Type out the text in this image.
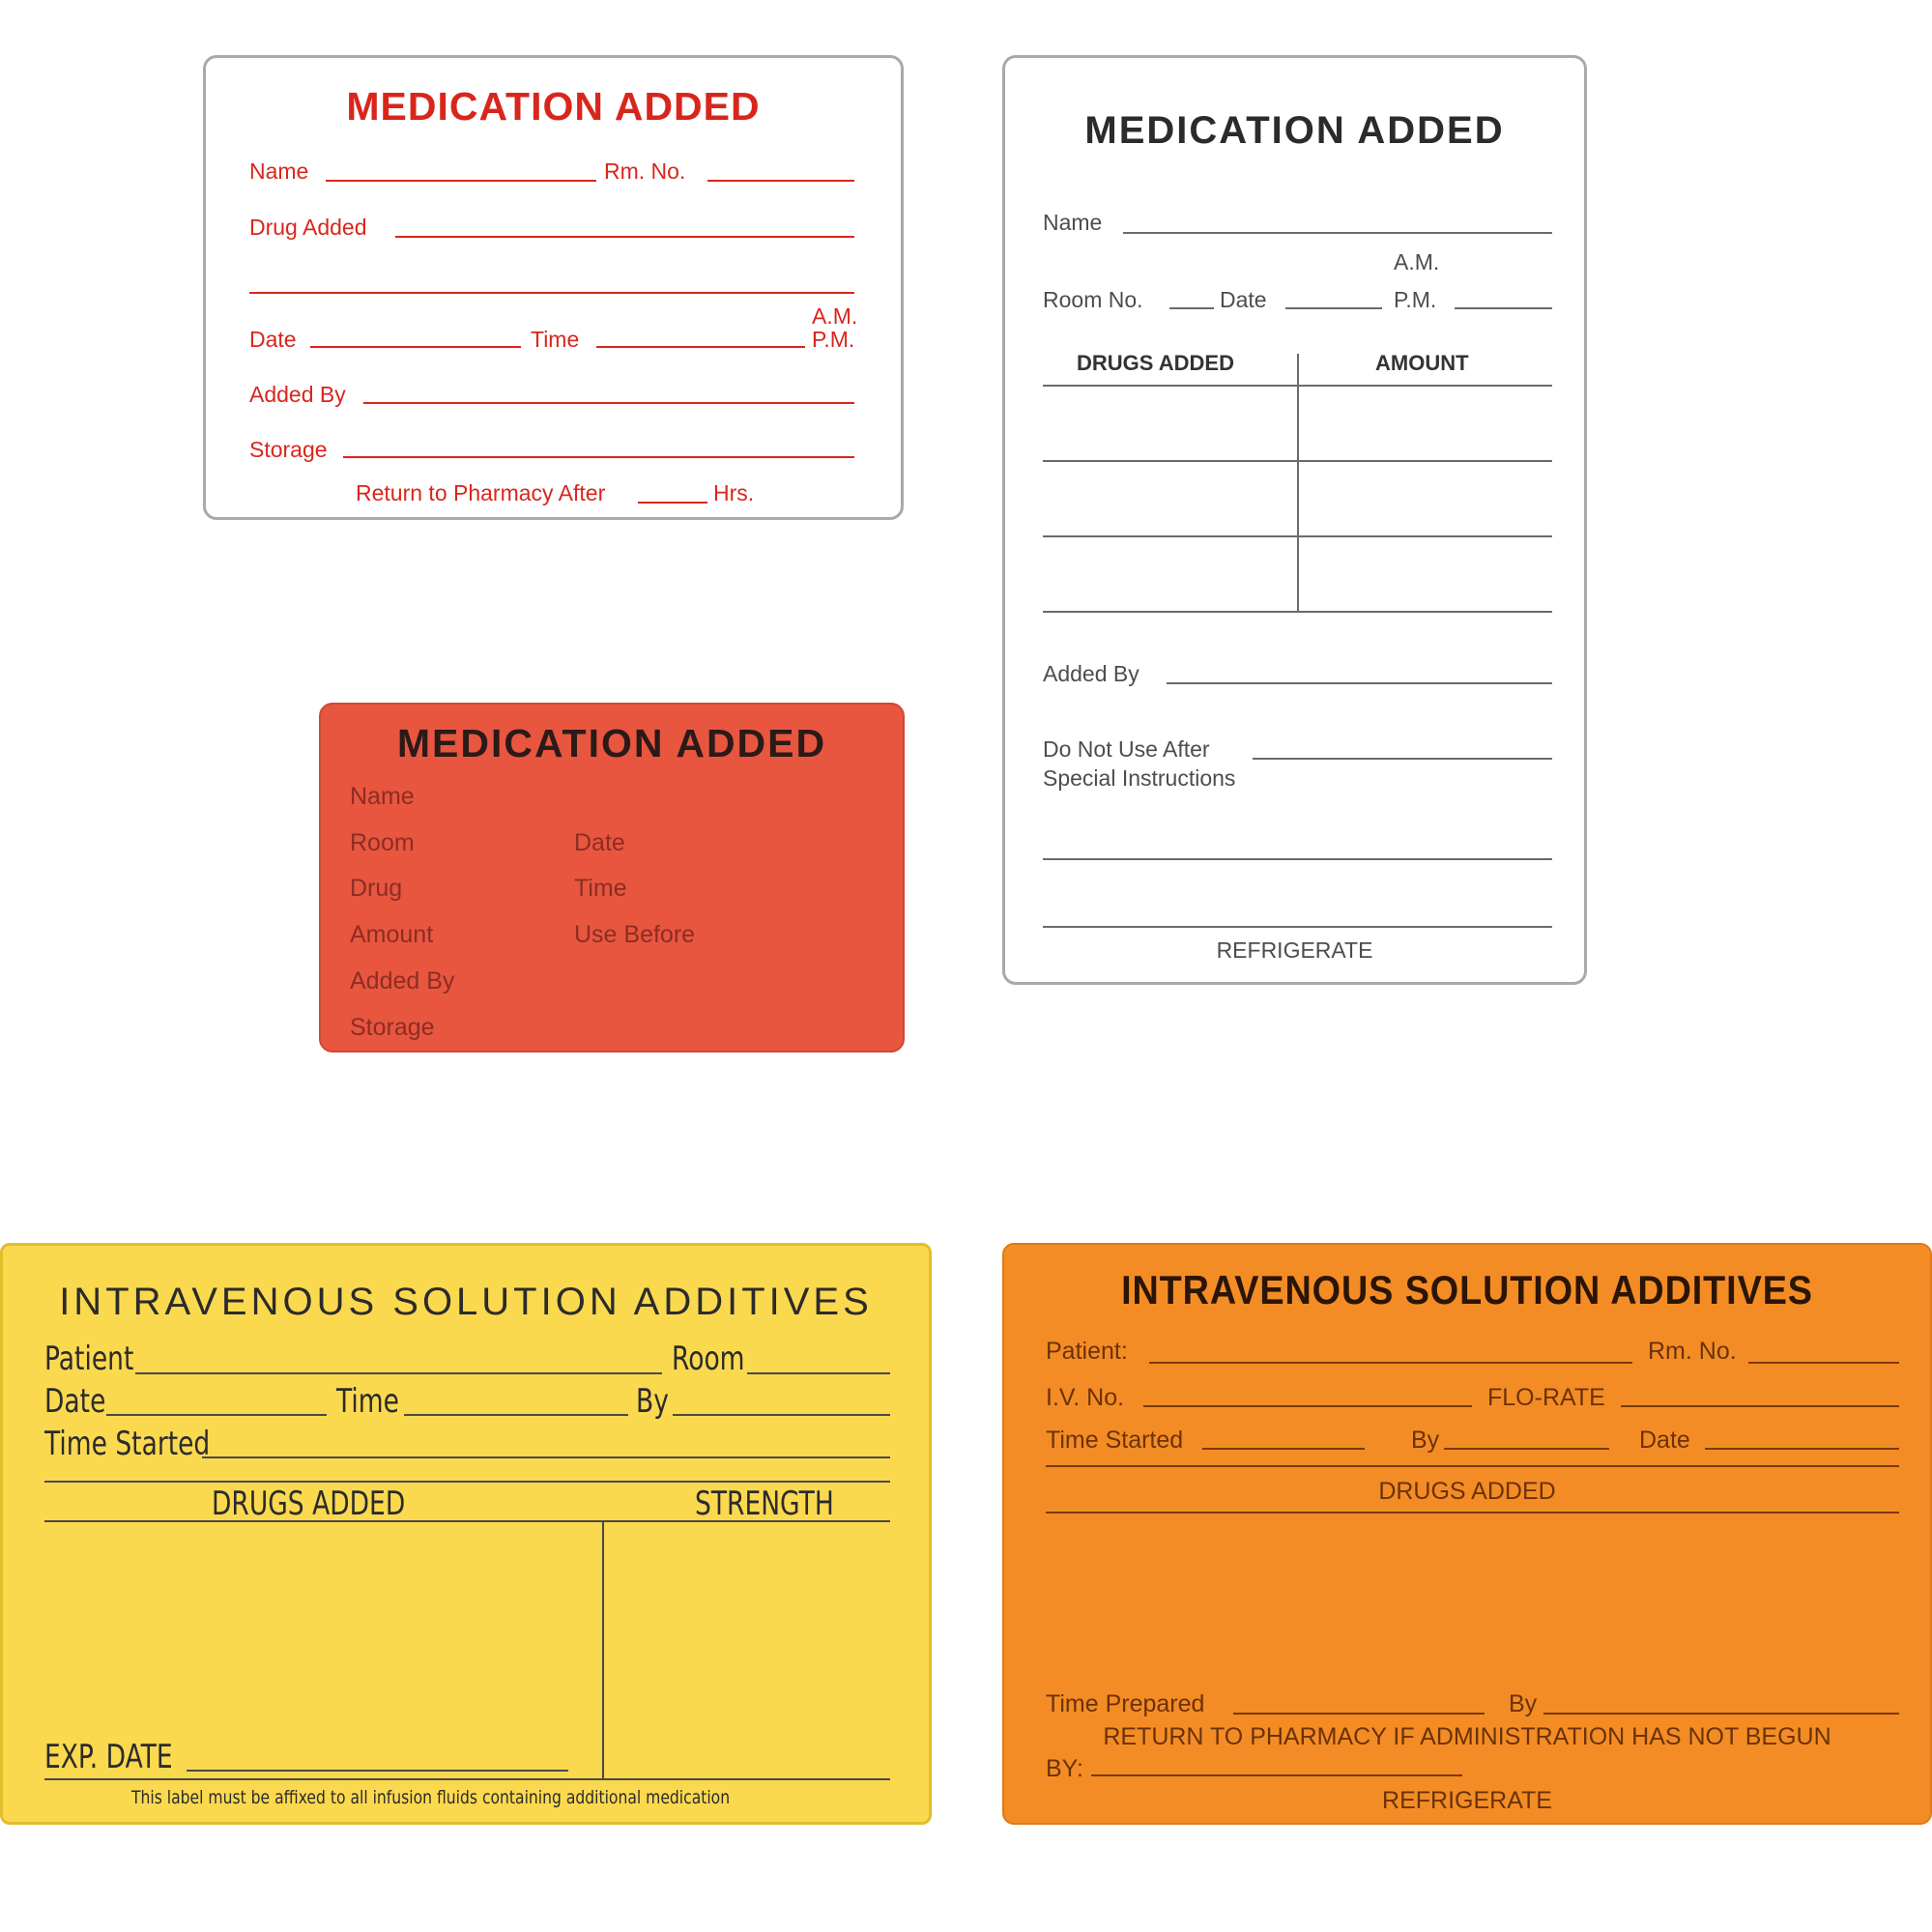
MEDICATION ADDED
Name	Rm. No.
Drug Added
Date	Time
A.M.
P.M.
Added By
Storage
Return to Pharmacy After	Hrs.
MEDICATION ADDED
Name
A.M.
Room No.	Date	P.M.
DRUGS ADDED	AMOUNT
Added By
Do Not Use After
Special Instructions
REFRIGERATE
MEDICATION ADDED
Name
Room	Date
Drug	Time
Amount	Use Before
Added By
Storage
INTRAVENOUS SOLUTION ADDITIVES
Patient	Room
Date	Time	By
Time Started
DRUGS ADDED	STRENGTH
EXP. DATE
This label must be affixed to all infusion fluids containing additional medication
INTRAVENOUS SOLUTION ADDITIVES
Patient:	Rm. No.
I.V. No.	FLO-RATE
Time Started	By	Date
DRUGS ADDED
Time Prepared	By
RETURN TO PHARMACY IF ADMINISTRATION HAS NOT BEGUN
BY:
REFRIGERATE
